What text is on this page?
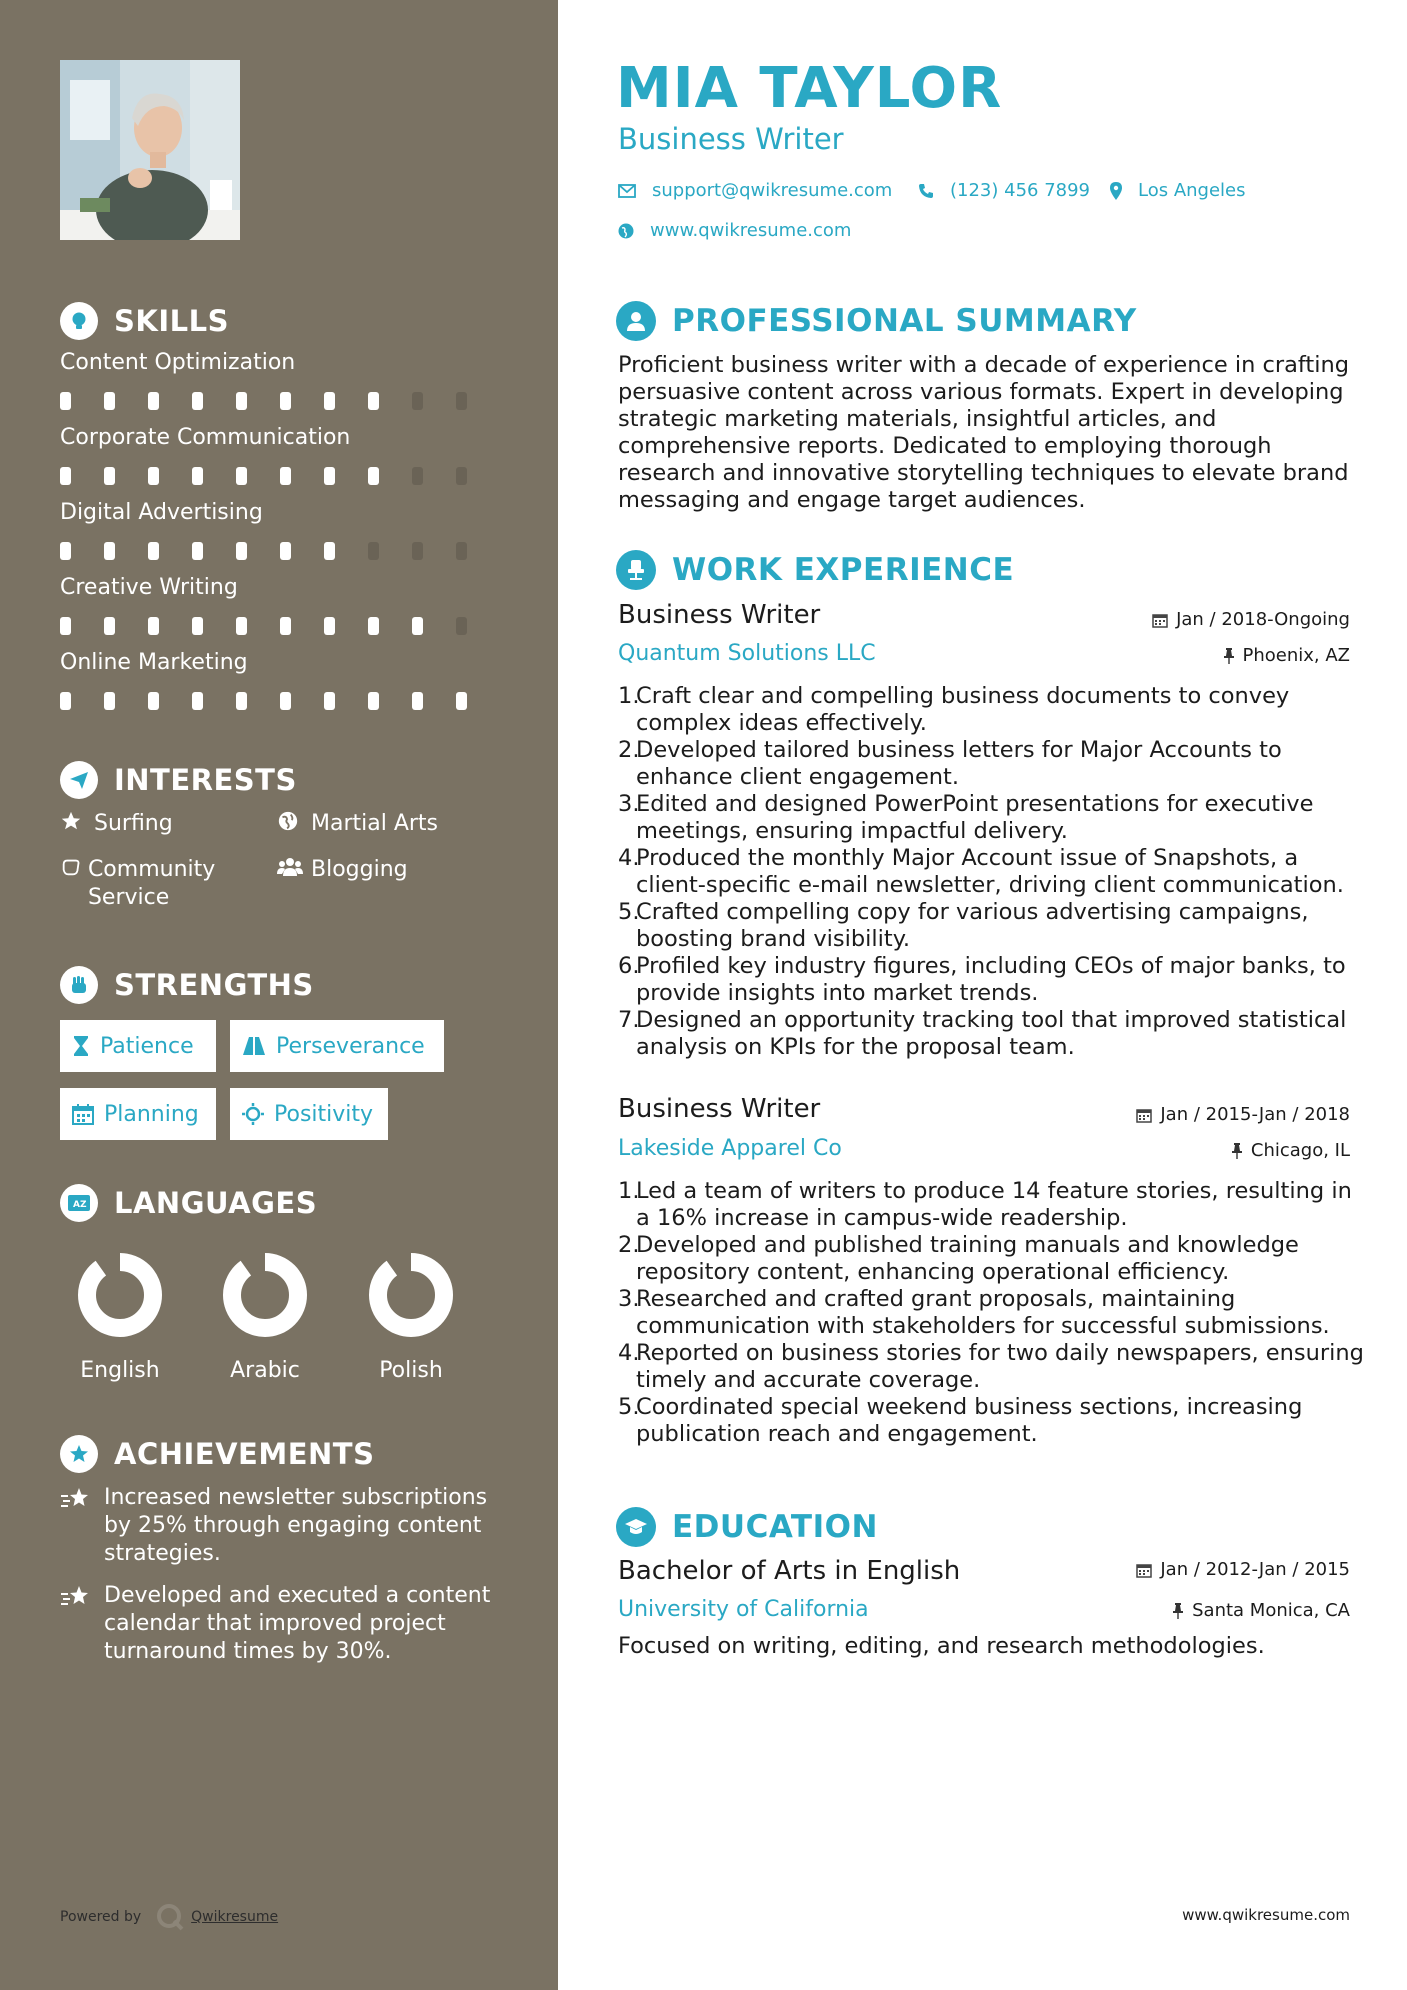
SKILLS
Content Optimization
Corporate Communication
Digital Advertising
Creative Writing
Online Marketing
INTERESTS
Surfing	Martial Arts
Community Service
Blogging
STRENGTHS
Patience	Perseverance
Planning	Positivity
A Z LANGUAGES
English	Arabic	Polish
ACHIEVEMENTS
Increased newsletter subscriptions by 25% through engaging content strategies.
Developed and executed a content calendar that improved project turnaround times by 30%.
Powered by	Qwikresume
MIA TAYLOR
Business Writer
support@qwikresume.com	(123) 456 7899	Los Angeles
www.qwikresume.com
PROFESSIONAL SUMMARY
Proficient business writer with a decade of experience in crafting persuasive content across various formats. Expert in developing strategic marketing materials, insightful articles, and comprehensive reports. Dedicated to employing thorough research and innovative storytelling techniques to elevate brand messaging and engage target audiences.
WORK EXPERIENCE
Business Writer	Jan / 2018-Ongoing
Quantum Solutions LLC	Phoenix, AZ
1.
Craft clear and compelling business documents to convey complex ideas effectively.
2.
Developed tailored business letters for Major Accounts to enhance client engagement.
3.
Edited and designed PowerPoint presentations for executive meetings, ensuring impactful delivery.
4.
Produced the monthly Major Account issue of Snapshots, a client-specific e-mail newsletter, driving client communication.
5.
Crafted compelling copy for various advertising campaigns, boosting brand visibility.
6.
Profiled key industry figures, including CEOs of major banks, to provide insights into market trends.
7.
Designed an opportunity tracking tool that improved statistical analysis on KPIs for the proposal team.
Business Writer	Jan / 2015-Jan / 2018
Lakeside Apparel Co	Chicago, IL
1.
Led a team of writers to produce 14 feature stories, resulting in a 16% increase in campus-wide readership.
2.
Developed and published training manuals and knowledge repository content, enhancing operational efficiency.
3.
Researched and crafted grant proposals, maintaining communication with stakeholders for successful submissions.
4.
Reported on business stories for two daily newspapers, ensuring timely and accurate coverage.
5.
Coordinated special weekend business sections, increasing publication reach and engagement.
EDUCATION
Bachelor of Arts in English	Jan / 2012-Jan / 2015
University of California	Santa Monica, CA
Focused on writing, editing, and research methodologies.
www.qwikresume.com
